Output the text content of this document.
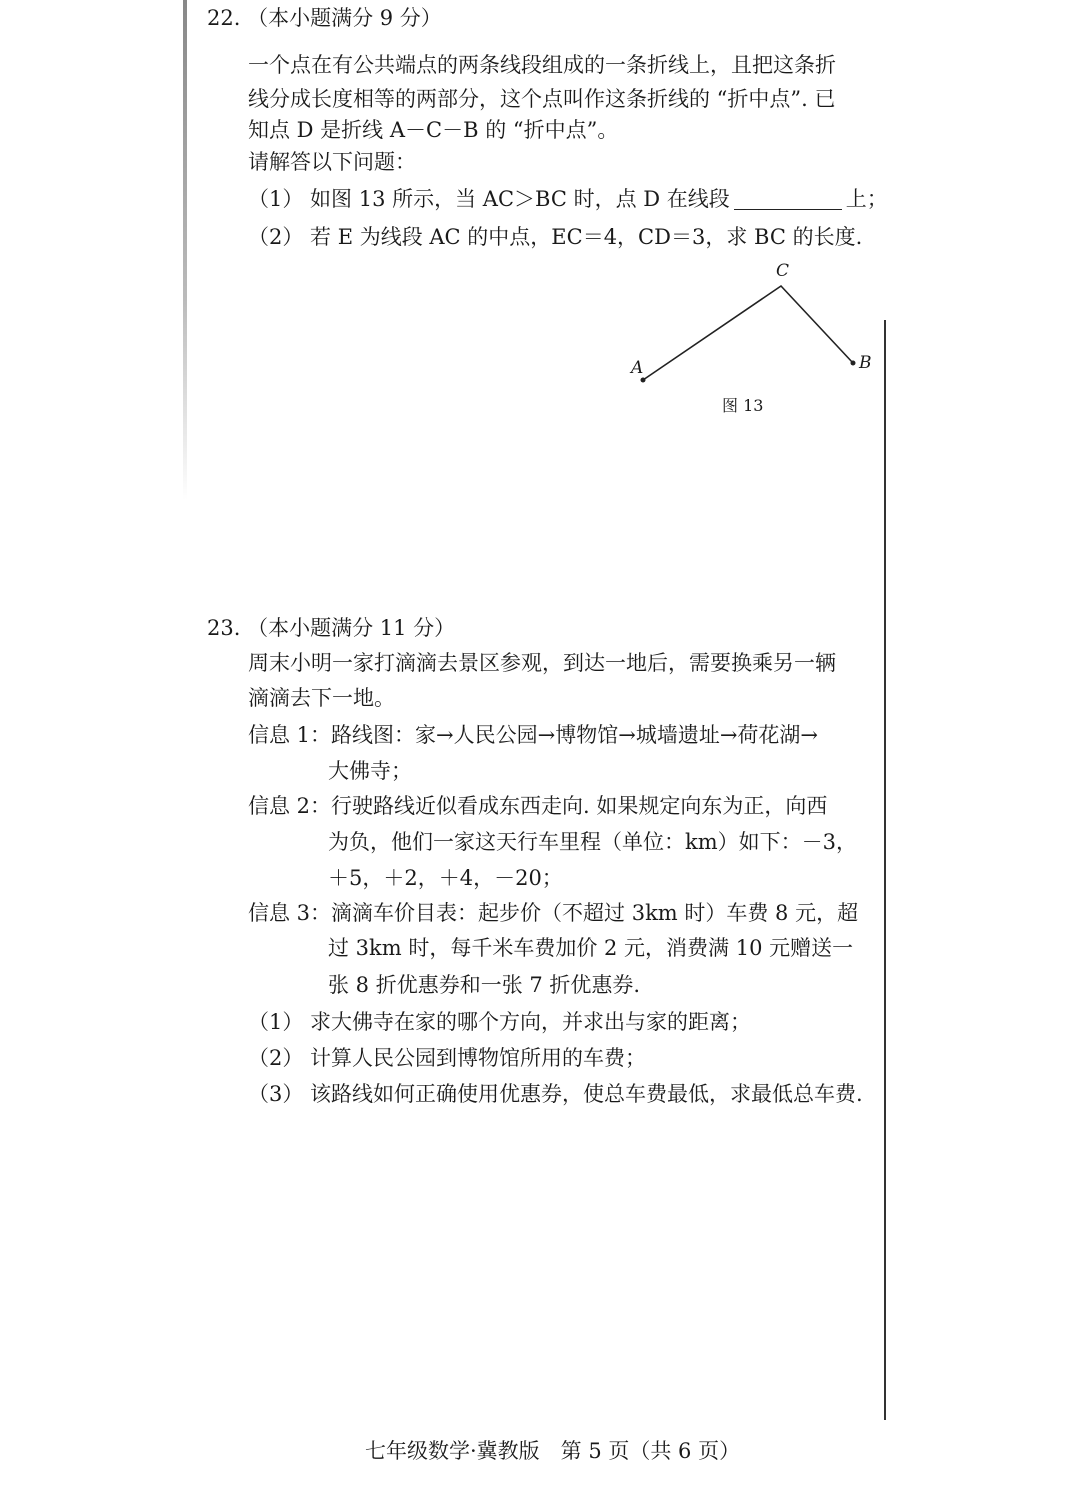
22. （本小题满分 9 分）
一个点在有公共端点的两条线段组成的一条折线上，且把这条折
线分成长度相等的两部分，这个点叫作这条折线的 “折中点”. 已
知点 D 是折线 A－C－B 的 “折中点”。
请解答以下问题：
（1） 如图 13 所示，当 AC＞BC 时，点 D 在线段	上；
（2） 若 E 为线段 AC 的中点，EC＝4，CD＝3，求 BC 的长度.
C
A	B
图 13
23. （本小题满分 11 分）
周末小明一家打滴滴去景区参观，到达一地后，需要换乘另一辆
滴滴去下一地。
信息 1：路线图：家→人民公园→博物馆→城墙遗址→荷花湖→
大佛寺；
信息 2：行驶路线近似看成东西走向. 如果规定向东为正，向西
为负，他们一家这天行车里程（单位：km）如下：－3，
＋5，＋2，＋4，－20；
信息 3：滴滴车价目表：起步价（不超过 3km 时）车费 8 元，超
过 3km 时，每千米车费加价 2 元，消费满 10 元赠送一
张 8 折优惠券和一张 7 折优惠券.
（1） 求大佛寺在家的哪个方向，并求出与家的距离；
（2） 计算人民公园到博物馆所用的车费；
（3） 该路线如何正确使用优惠券，使总车费最低，求最低总车费.
七年级数学·冀教版　第 5 页（共 6 页）
